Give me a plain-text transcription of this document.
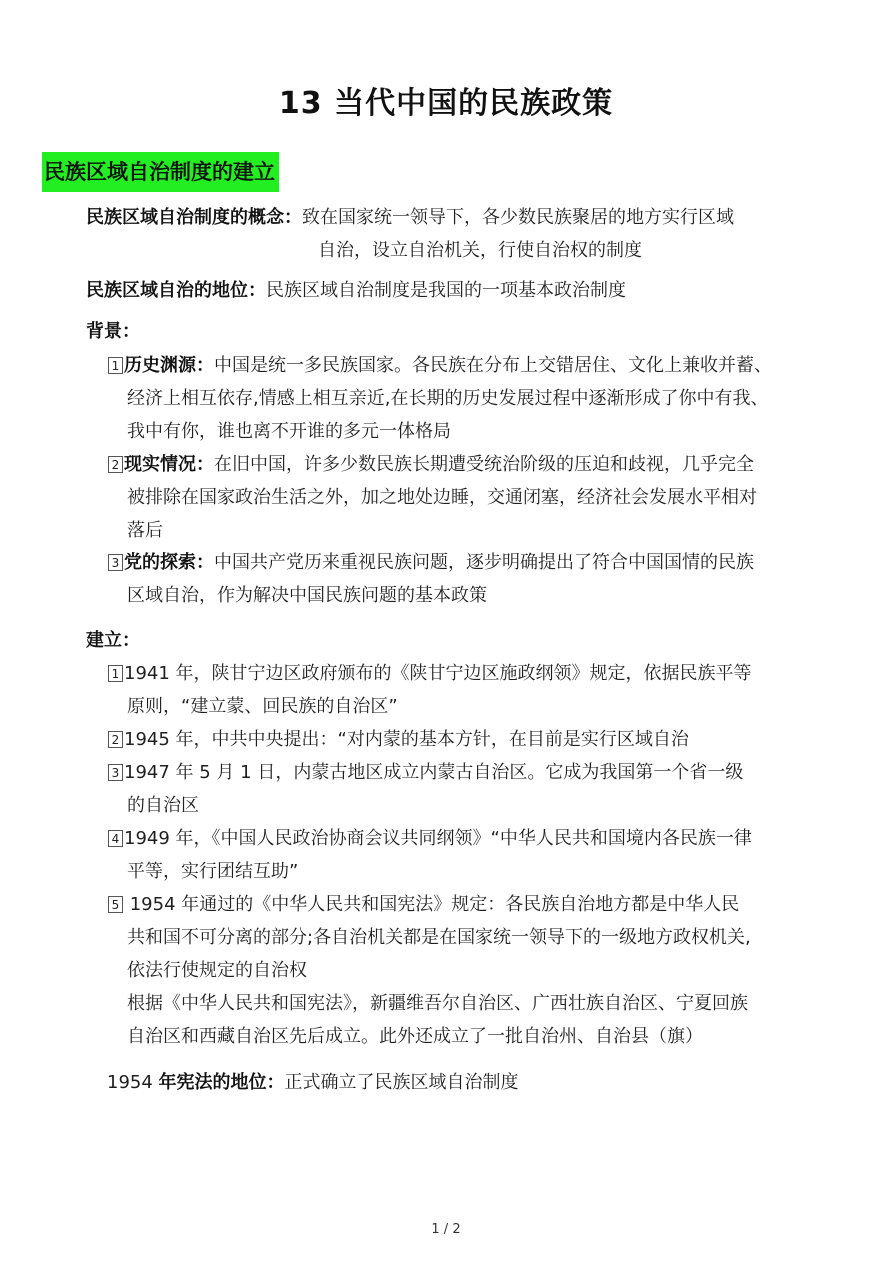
13 当代中国的民族政策
民族区域自治制度的建立
民族区域自治制度的概念：致在国家统一领导下，各少数民族聚居的地方实行区域
自治，设立自治机关，行使自治权的制度
民族区域自治的地位：民族区域自治制度是我国的一项基本政治制度
背景：
1 历史渊源：中国是统一多民族国家。各民族在分布上交错居住、文化上兼收并蓄、
经济上相互依存,情感上相互亲近,在长期的历史发展过程中逐渐形成了你中有我、
我中有你，谁也离不开谁的多元一体格局
2 现实情况：在旧中国，许多少数民族长期遭受统治阶级的压迫和歧视，几乎完全
被排除在国家政治生活之外，加之地处边睡，交通闭塞，经济社会发展水平相对
落后
3 党的探索：中国共产党历来重视民族问题，逐步明确提出了符合中国国情的民族
区域自治，作为解决中国民族问题的基本政策
建立：
1 1941 年，陕甘宁边区政府颁布的《陕甘宁边区施政纲领》规定，依据民族平等
原则，“建立蒙、回民族的自治区”
2 1945 年，中共中央提出：“对内蒙的基本方针，在目前是实行区域自治
3 1947 年 5 月 1 日，内蒙古地区成立内蒙古自治区。它成为我国第一个省一级
的自治区
4 1949 年，《中国人民政治协商会议共同纲领》“中华人民共和国境内各民族一律
平等，实行团结互助”
5 1954 年通过的《中华人民共和国宪法》规定：各民族自治地方都是中华人民
共和国不可分离的部分;各自治机关都是在国家统一领导下的一级地方政权机关,
依法行使规定的自治权
根据《中华人民共和国宪法》，新疆维吾尔自治区、广西壮族自治区、宁夏回族
自治区和西藏自治区先后成立。此外还成立了一批自治州、自治县（旗）
1954 年宪法的地位：正式确立了民族区域自治制度
1 / 2
